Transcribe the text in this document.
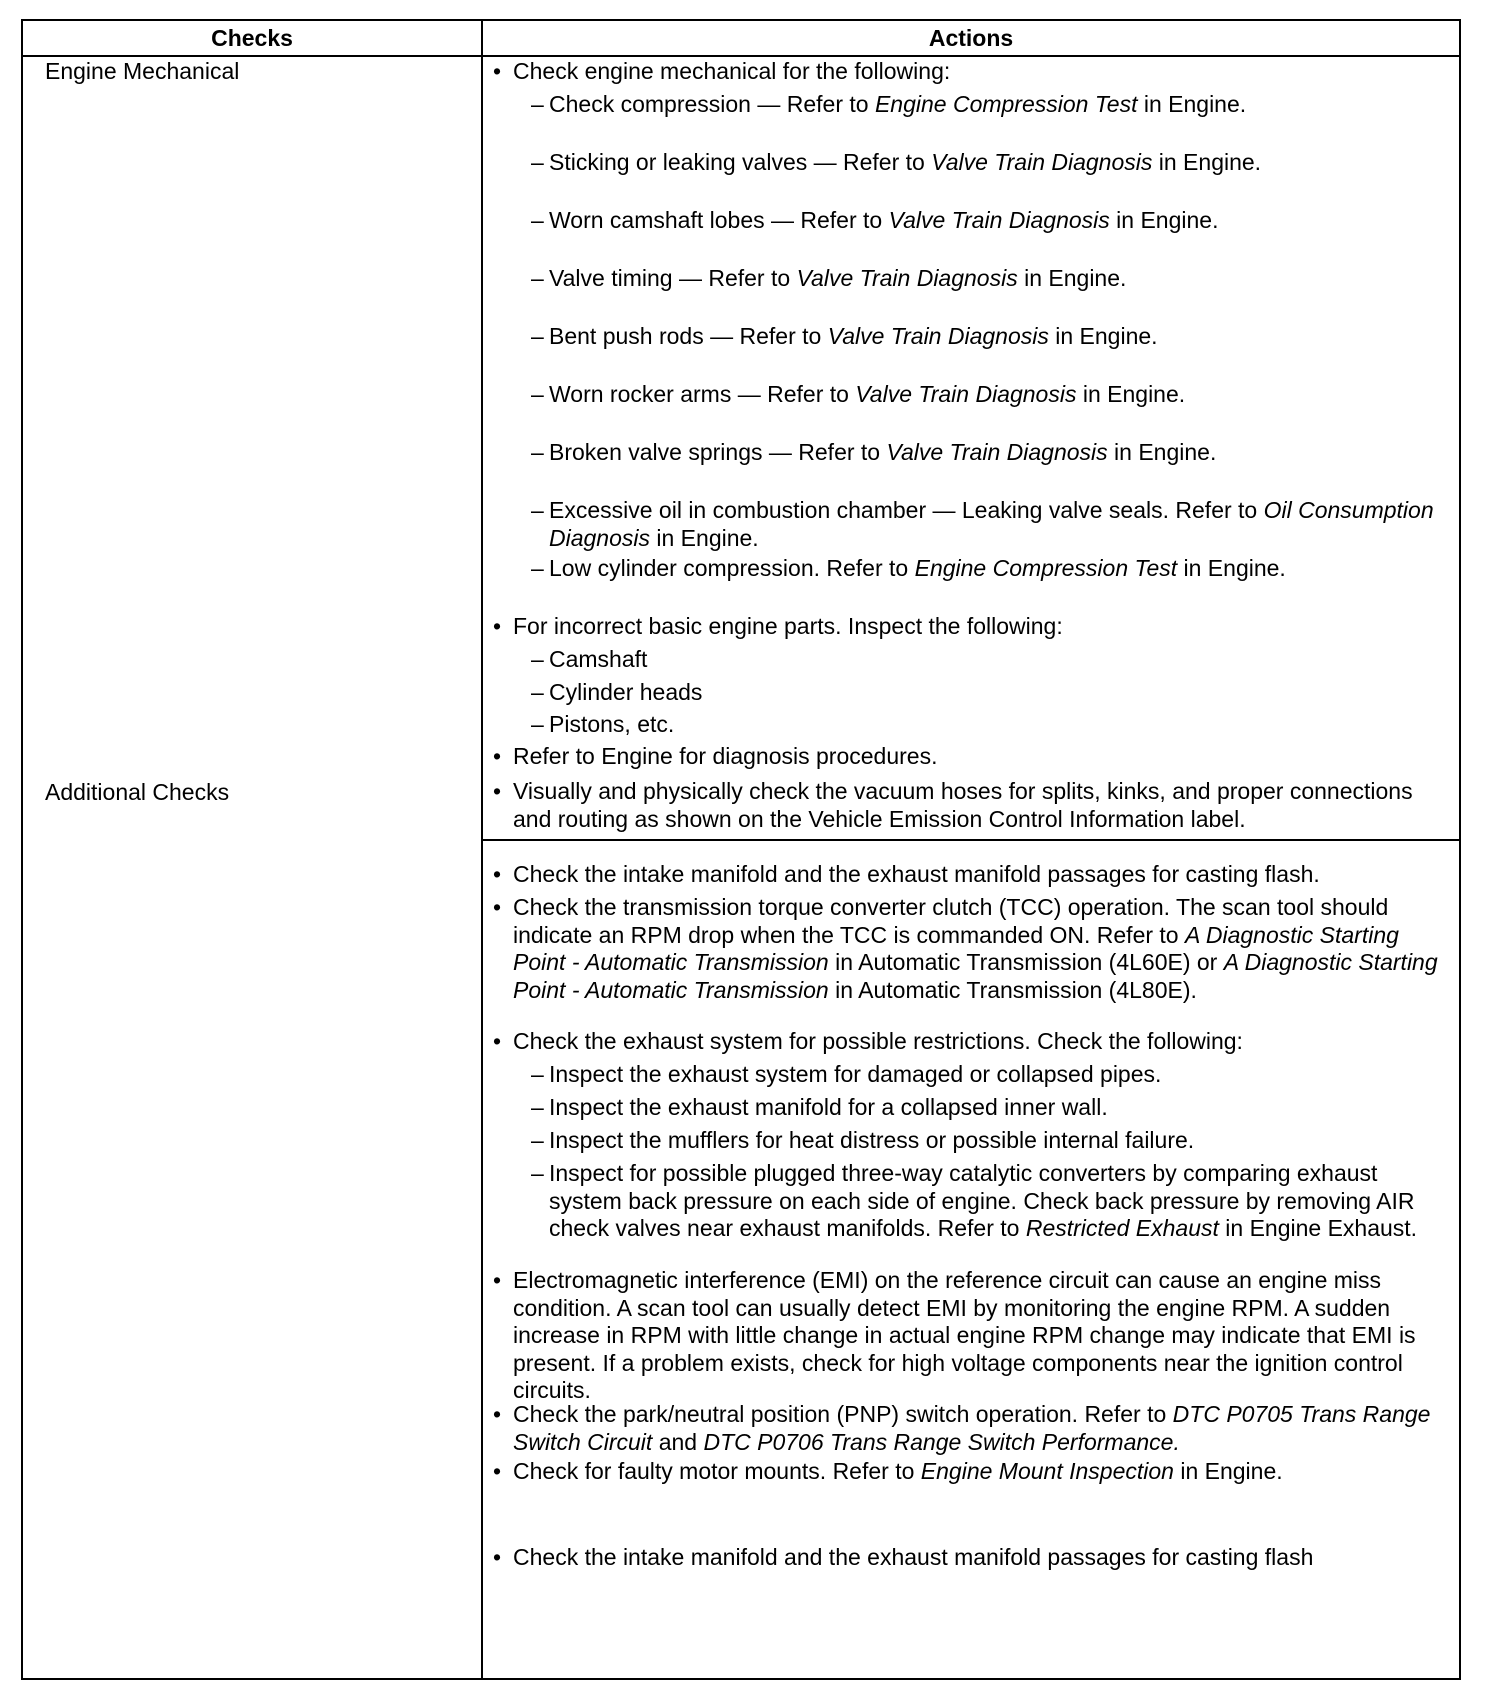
Checks	Actions
Engine Mechanical
Additional Checks
• Check engine mechanical for the following:
– Check compression — Refer to Engine Compression Test in Engine.
– Sticking or leaking valves — Refer to Valve Train Diagnosis in Engine.
– Worn camshaft lobes — Refer to Valve Train Diagnosis in Engine.
– Valve timing — Refer to Valve Train Diagnosis in Engine.
– Bent push rods — Refer to Valve Train Diagnosis in Engine.
– Worn rocker arms — Refer to Valve Train Diagnosis in Engine.
– Broken valve springs — Refer to Valve Train Diagnosis in Engine.
– Excessive oil in combustion chamber — Leaking valve seals. Refer to Oil Consumption Diagnosis in Engine.
– Low cylinder compression. Refer to Engine Compression Test in Engine.
• For incorrect basic engine parts. Inspect the following:
– Camshaft
– Cylinder heads
– Pistons, etc.
• Refer to Engine for diagnosis procedures.
• Visually and physically check the vacuum hoses for splits, kinks, and proper connections and routing as shown on the Vehicle Emission Control Information label.
• Check the intake manifold and the exhaust manifold passages for casting flash.
• Check the transmission torque converter clutch (TCC) operation. The scan tool should indicate an RPM drop when the TCC is commanded ON. Refer to A Diagnostic Starting Point - Automatic Transmission in Automatic Transmission (4L60E) or A Diagnostic Starting Point - Automatic Transmission in Automatic Transmission (4L80E).
• Check the exhaust system for possible restrictions. Check the following:
– Inspect the exhaust system for damaged or collapsed pipes.
– Inspect the exhaust manifold for a collapsed inner wall.
– Inspect the mufflers for heat distress or possible internal failure.
– Inspect for possible plugged three-way catalytic converters by comparing exhaust system back pressure on each side of engine. Check back pressure by removing AIR check valves near exhaust manifolds. Refer to Restricted Exhaust in Engine Exhaust.
• Electromagnetic interference (EMI) on the reference circuit can cause an engine miss condition. A scan tool can usually detect EMI by monitoring the engine RPM. A sudden increase in RPM with little change in actual engine RPM change may indicate that EMI is present. If a problem exists, check for high voltage components near the ignition control circuits.
• Check the park/neutral position (PNP) switch operation. Refer to DTC P0705 Trans Range Switch Circuit and DTC P0706 Trans Range Switch Performance.
• Check for faulty motor mounts. Refer to Engine Mount Inspection in Engine.
• Check the intake manifold and the exhaust manifold passages for casting flash
